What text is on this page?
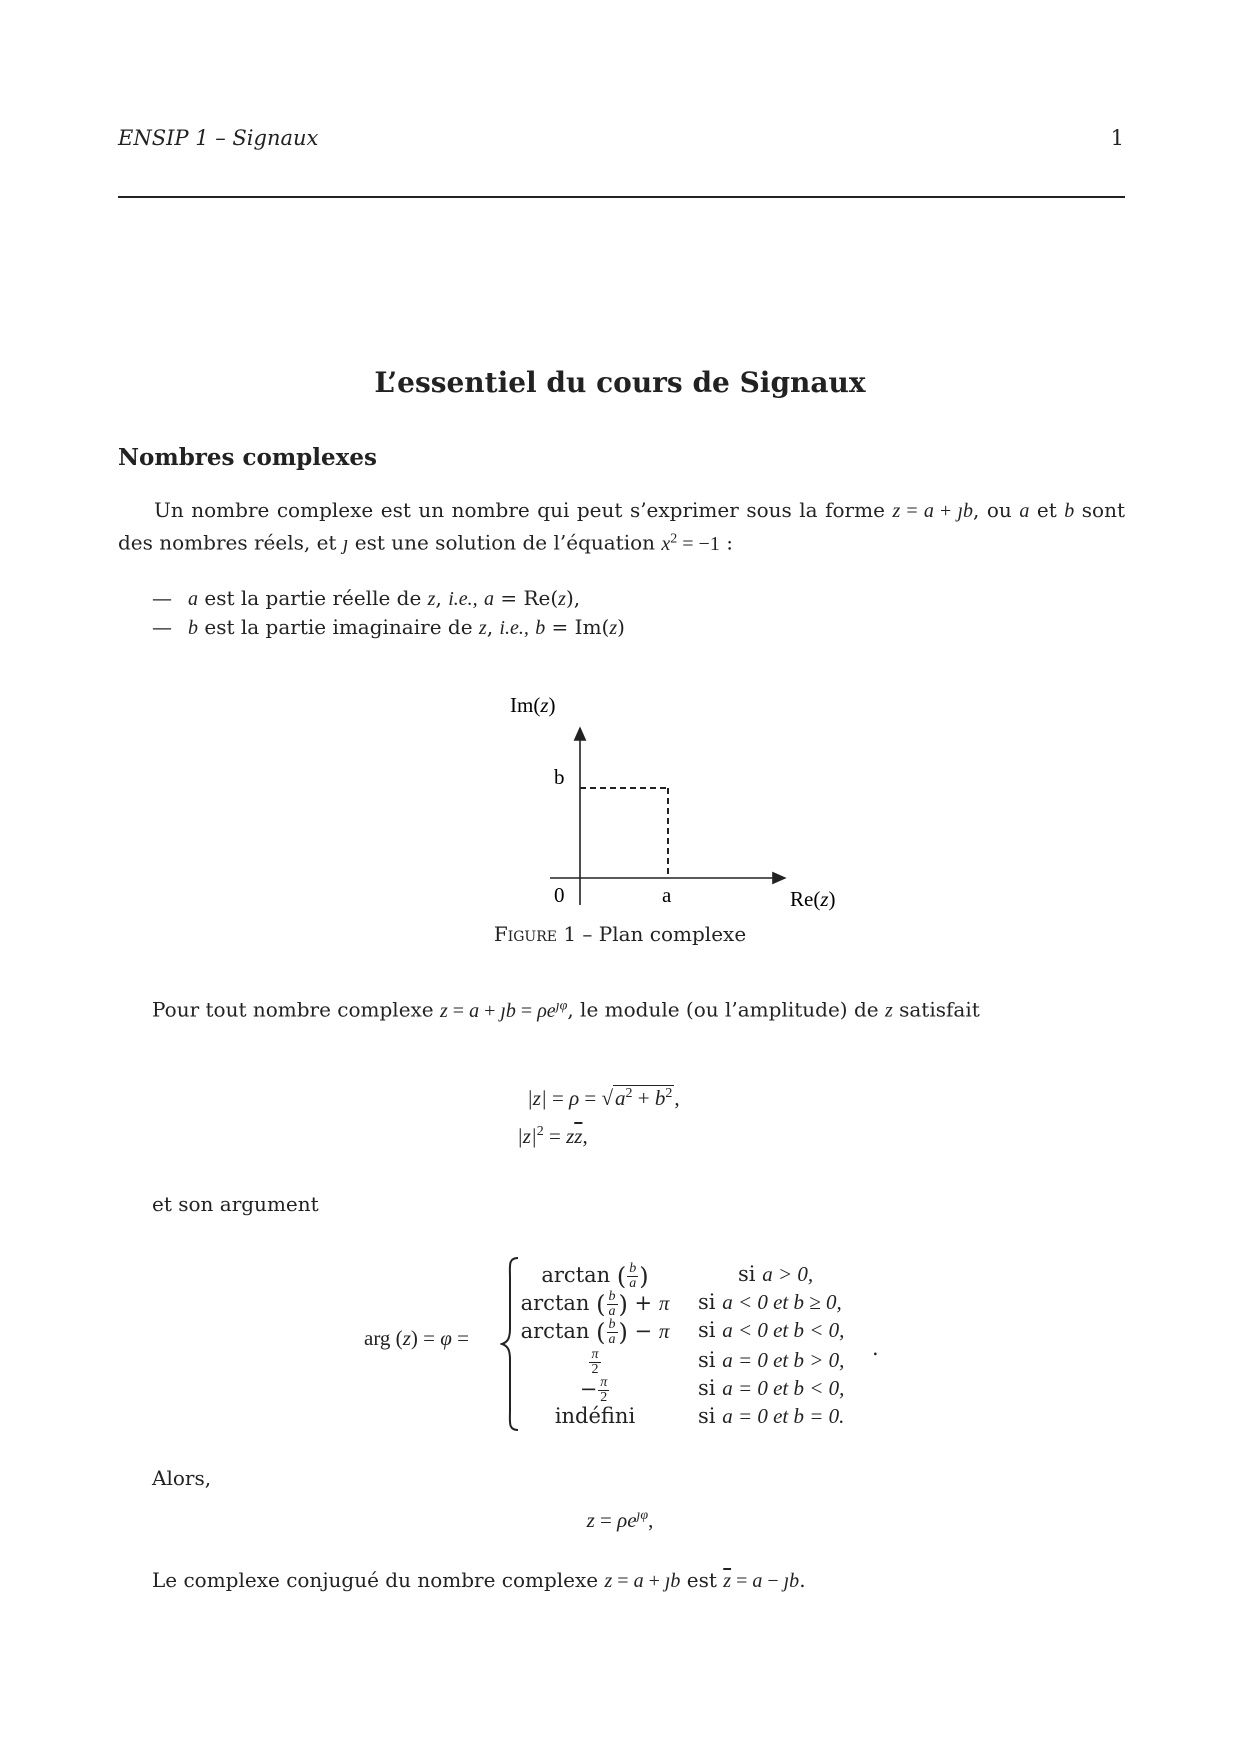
ENSIP 1 – Signaux	1
L’essentiel du cours de Signaux
Nombres complexes
Un nombre complexe est un nombre qui peut s’exprimer sous la forme z = a + ȷb, ou a et b sont des nombres réels, et ȷ est une solution de l’équation $x^2 = -1$ :
— a est la partie réelle de z, i.e., a = Re(z),
— b est la partie imaginaire de z, i.e., b = Im(z)
Im(z)
b
0	a	Re(z)
Figure 1 – Plan complexe
Pour tout nombre complexe z = a + ȷb = $\rho e^{ȷ\varphi}$, le module (ou l’amplitude) de z satisfait
$|z| = \rho = √a^2 + b^2$,
$|z|^2 = z\overline{z}$,
et son argument
arg (z) = φ =
arctan ( $\frac{b}{a}$ )	si a > 0,
arctan ( $\frac{b}{a}$ ) + π si a < 0 et b ≥ 0,
arctan ( $\frac{b}{a}$ ) − π si a < 0 et b < 0,
$\frac{\pi}{2}$	si a = 0 et b > 0,
− $\frac{\pi}{2}$	si a = 0 et b < 0,
indéfini	si a = 0 et b = 0.
.
Alors,
$z = \rho e^{ȷ\varphi}$,
Le complexe conjugué du nombre complexe z = a + ȷb est $\overline{z} = a$ − ȷb.
